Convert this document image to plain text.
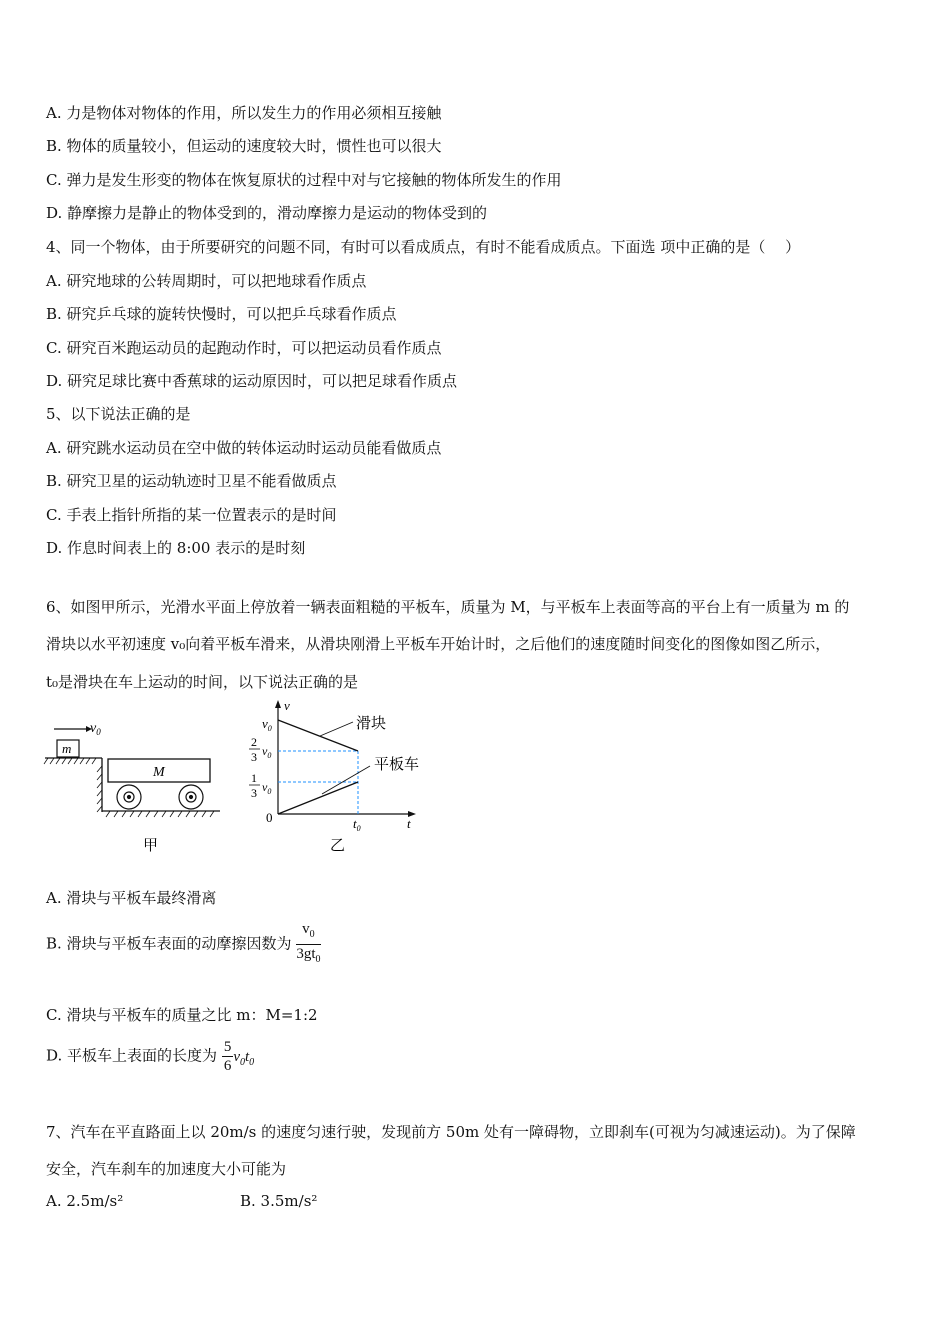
A. 力是物体对物体的作用，所以发生力的作用必须相互接触
B. 物体的质量较小，但运动的速度较大时，惯性也可以很大
C. 弹力是发生形变的物体在恢复原状的过程中对与它接触的物体所发生的作用
D. 静摩擦力是静止的物体受到的，滑动摩擦力是运动的物体受到的
4、同一个物体，由于所要研究的问题不同，有时可以看成质点，有时不能看成质点。下面选 项中正确的是（　 ）
A. 研究地球的公转周期时，可以把地球看作质点
B. 研究乒乓球的旋转快慢时，可以把乒乓球看作质点
C. 研究百米跑运动员的起跑动作时，可以把运动员看作质点
D. 研究足球比赛中香蕉球的运动原因时，可以把足球看作质点
5、以下说法正确的是
A. 研究跳水运动员在空中做的转体运动时运动员能看做质点
B. 研究卫星的运动轨迹时卫星不能看做质点
C. 手表上指针所指的某一位置表示的是时间
D. 作息时间表上的 8:00 表示的是时刻
6、如图甲所示，光滑水平面上停放着一辆表面粗糙的平板车，质量为 M，与平板车上表面等高的平台上有一质量为 m 的
滑块以水平初速度 v₀向着平板车滑来，从滑块刚滑上平板车开始计时，之后他们的速度随时间变化的图像如图乙所示，
t₀是滑块在车上运动的时间，以下说法正确的是
$v_0$
m
M
甲
v
t
0
$v_0$
2
3 $v_0$
1
3 $v_0$
滑块
平板车
$t_0$
乙
A. 滑块与平板车最终滑离
B. 滑块与平板车表面的动摩擦因数为 $\frac{v_0}{3gt_0}$
C. 滑块与平板车的质量之比 m：M=1:2
D. 平板车上表面的长度为 $\frac{5}{6} v_0t_0$
7、汽车在平直路面上以 20m/s 的速度匀速行驶，发现前方 50m 处有一障碍物，立即刹车(可视为匀减速运动)。为了保障
安全，汽车刹车的加速度大小可能为
A. 2.5m/s²	B. 3.5m/s²
